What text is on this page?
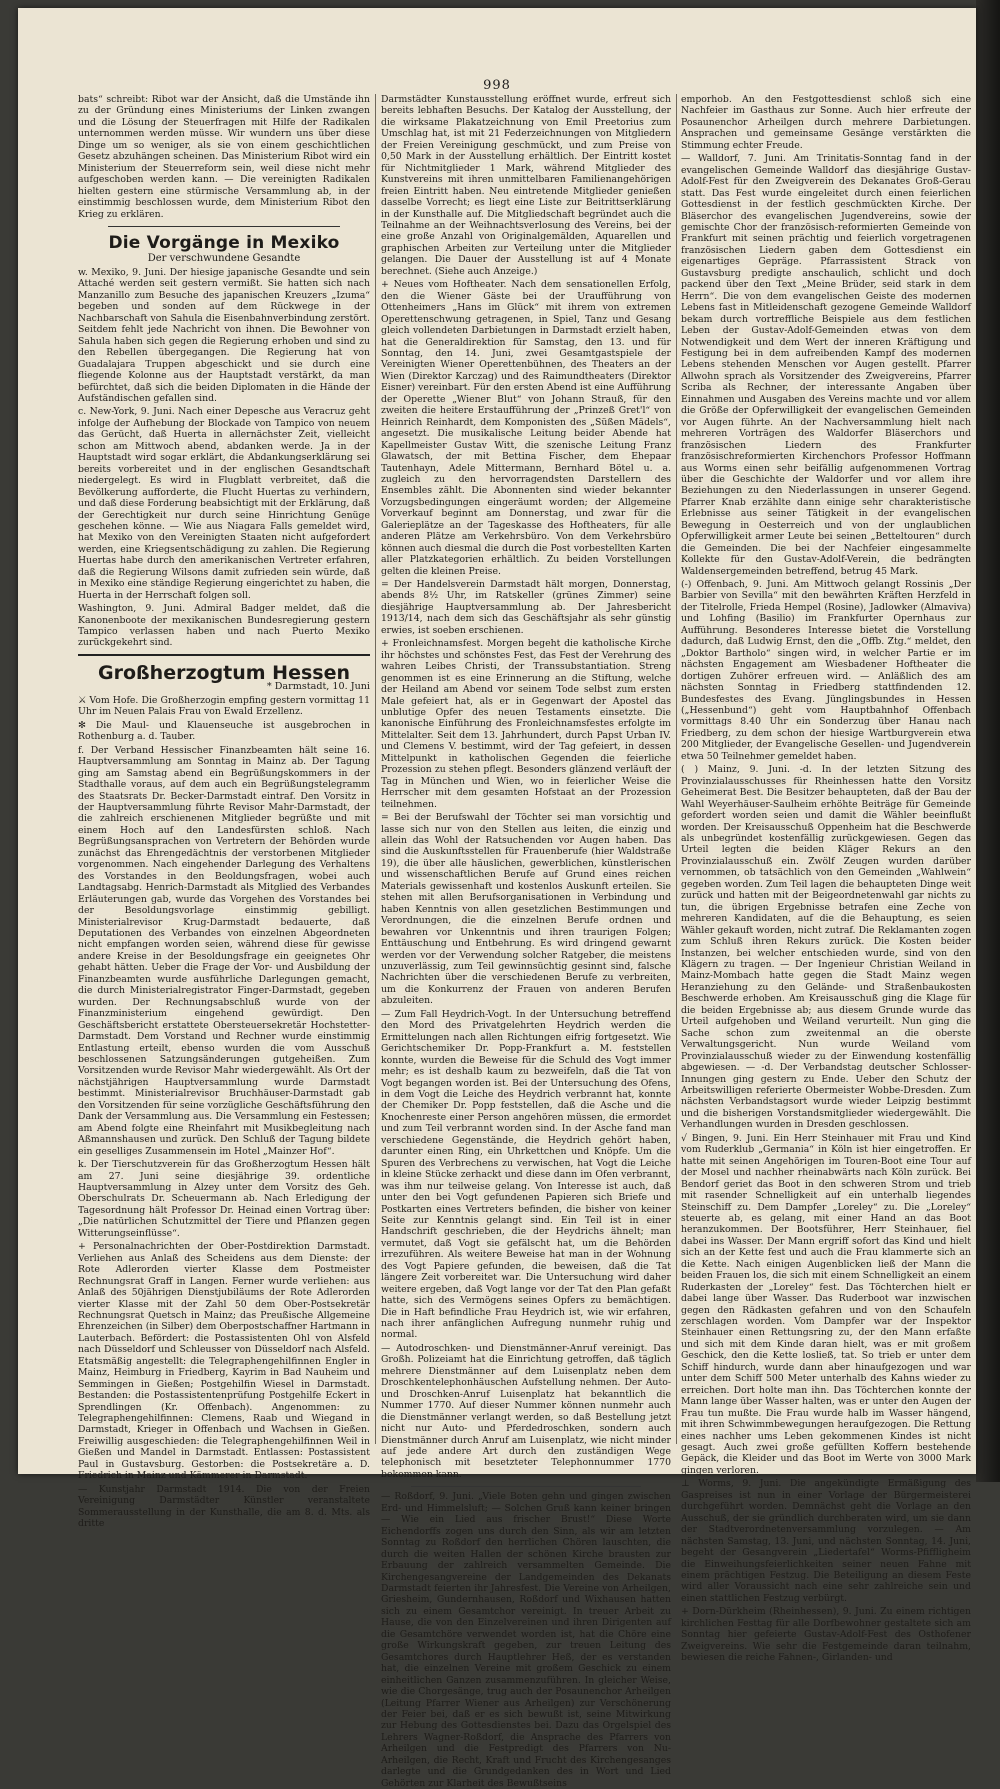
998

bats“ schreibt: Ribot war der Ansicht, daß die Umstände ihn zu der Gründung eines Ministeriums der Linken zwangen und die Lösung der Steuerfragen mit Hilfe der Radikalen unternommen werden müsse. Wir wundern uns über diese Dinge um so weniger, als sie von einem geschichtlichen Gesetz abzuhängen scheinen. Das Ministerium Ribot wird ein Ministerium der Steuerreform sein, weil diese nicht mehr aufgeschoben werden kann. — Die vereinigten Radikalen hielten gestern eine stürmische Versammlung ab, in der einstimmig beschlossen wurde, dem Ministerium Ribot den Krieg zu erklären.

Die Vorgänge in Mexiko
Der verschwundene Gesandte

w. Mexiko, 9. Juni. Der hiesige japanische Gesandte und sein Attaché werden seit gestern vermißt. Sie hatten sich nach Manzanillo zum Besuche des japanischen Kreuzers „Izuma“ begeben und sonden auf dem Rückwege in der Nachbarschaft von Sahula die Eisenbahnverbindung zerstört. Seitdem fehlt jede Nachricht von ihnen. Die Bewohner von Sahula haben sich gegen die Regierung erhoben und sind zu den Rebellen übergegangen. Die Regierung hat von Guadalajara Truppen abgeschickt und sie durch eine fliegende Kolonne aus der Hauptstadt verstärkt, da man befürchtet, daß sich die beiden Diplomaten in die Hände der Aufständischen gefallen sind.

c. New-York, 9. Juni. Nach einer Depesche aus Veracruz geht infolge der Aufhebung der Blockade von Tampico von neuem das Gerücht, daß Huerta in allernächster Zeit, vielleicht schon am Mittwoch abend, abdanken werde. Ja in der Hauptstadt wird sogar erklärt, die Abdankungserklärung sei bereits vorbereitet und in der englischen Gesandtschaft niedergelegt. Es wird in Flugblatt verbreitet, daß die Bevölkerung aufforderte, die Flucht Huertas zu verhindern, und daß diese Forderung beabsichtigt mit der Erklärung, daß der Gerechtigkeit nur durch seine Hinrichtung Genüge geschehen könne. — Wie aus Niagara Falls gemeldet wird, hat Mexiko von den Vereinigten Staaten nicht aufgefordert werden, eine Kriegsentschädigung zu zahlen. Die Regierung Huertas habe durch den amerikanischen Vertreter erfahren, daß die Regierung Wilsons damit zufrieden sein würde, daß in Mexiko eine ständige Regierung eingerichtet zu haben, die Huerta in der Herrschaft folgen soll.

Washington, 9. Juni. Admiral Badger meldet, daß die Kanonenboote der mexikanischen Bundesregierung gestern Tampico verlassen haben und nach Puerto Mexiko zurückgekehrt sind.

Großherzogtum Hessen
* Darmstadt, 10. Juni

⚔ Vom Hofe. Die Großherzogin empfing gestern vormittag 11 Uhr im Neuen Palais Frau von Ewald Erzellenz.

✻ Die Maul- und Klauenseuche ist ausgebrochen in Rothenburg a. d. Tauber.

f. Der Verband Hessischer Finanzbeamten hält seine 16. Hauptversammlung am Sonntag in Mainz ab. Der Tagung ging am Samstag abend ein Begrüßungskommers in der Stadthalle voraus, auf dem auch ein Begrüßungstelegramm des Staatsrats Dr. Becker-Darmstadt eintraf. Den Vorsitz in der Hauptversammlung führte Revisor Mahr-Darmstadt, der die zahlreich erschienenen Mitglieder begrüßte und mit einem Hoch auf den Landesfürsten schloß. Nach Begrüßungsansprachen von Vertretern der Behörden wurde zunächst das Ehrengedächtnis der verstorbenen Mitglieder vorgenommen. Nach eingehender Darlegung des Verhaltens des Vorstandes in den Beoldungsfragen, wobei auch Landtagsabg. Henrich-Darmstadt als Mitglied des Verbandes Erläuterungen gab, wurde das Vorgehen des Vorstandes bei der Besoldungsvorlage einstimmig gebilligt. Ministerialrevisor Krug-Darmstadt bedauerte, daß Deputationen des Verbandes von einzelnen Abgeordneten nicht empfangen worden seien, während diese für gewisse andere Kreise in der Besoldungsfrage ein geeignetes Ohr gehabt hätten. Ueber die Frage der Vor- und Ausbildung der Finanzbeamten wurde ausführliche Darlegungen gemacht, die durch Ministerialregistrator Finger-Darmstadt, gegeben wurden. Der Rechnungsabschluß wurde von der Finanzministerium eingehend gewürdigt. Den Geschäftsbericht erstattete Obersteuersekretär Hochstetter-Darmstadt. Dem Vorstand und Rechner wurde einstimmig Entlastung erteilt, ebenso wurden die vom Ausschuß beschlossenen Satzungsänderungen gutgeheißen. Zum Vorsitzenden wurde Revisor Mahr wiedergewählt. Als Ort der nächstjährigen Hauptversammlung wurde Darmstadt bestimmt. Ministerialrevisor Bruchhäuser-Darmstadt gab den Vorsitzenden für seine vorzügliche Geschäftsführung den Dank der Versammlung aus. Die Versammlung ein Festessen; am Abend folgte eine Rheinfahrt mit Musikbegleitung nach Aßmannshausen und zurück. Den Schluß der Tagung bildete ein geselliges Zusammensein im Hotel „Mainzer Hof“.

k. Der Tierschutzverein für das Großherzogtum Hessen hält am 27. Juni seine diesjährige 39. ordentliche Hauptversammlung in Alzey unter dem Vorsitz des Geh. Oberschulrats Dr. Scheuermann ab. Nach Erledigung der Tagesordnung hält Professor Dr. Heinad einen Vortrag über: „Die natürlichen Schutzmittel der Tiere und Pflanzen gegen Witterungseinflüsse“.

+ Personalnachrichten der Ober-Postdirektion Darmstadt. Verliehen aus Anlaß des Scheidens aus dem Dienste: der Rote Adlerorden vierter Klasse dem Postmeister Rechnungsrat Graff in Langen. Ferner wurde verliehen: aus Anlaß des 50jährigen Dienstjubiläums der Rote Adlerorden vierter Klasse mit der Zahl 50 dem Ober-Postsekretär Rechnungsrat Quetsch in Mainz; das Preußische Allgemeine Ehrenzeichen (in Silber) dem Oberpostschaffner Hartmann in Lauterbach. Befördert: die Postassistenten Ohl von Alsfeld nach Düsseldorf und Schleusser von Düsseldorf nach Alsfeld. Etatsmäßig angestellt: die Telegraphengehilfinnen Engler in Mainz, Heimburg in Friedberg, Kayrim in Bad Nauheim und Semmingen in Gießen; Postgehilfin Wiesel in Darmstadt. Bestanden: die Postassistentenprüfung Postgehilfe Eckert in Sprendlingen (Kr. Offenbach). Angenommen: zu Telegraphengehilfinnen: Clemens, Raab und Wiegand in Darmstadt, Krieger in Offenbach und Wachsen in Gießen. Freiwillig ausgeschieden: die Telegraphengehilfinnen Weil in Gießen und Mandel in Darmstadt. Entlassen: Postassistent Paul in Gustavsburg. Gestorben: die Postsekretäre a. D. Friedrich in Mainz und Kämmerer in Darmstadt.

— Kunstjahr Darmstadt 1914. Die von der Freien Vereinigung Darmstädter Künstler veranstaltete Sommerausstellung in der Kunsthalle, die am 8. d. Mts. als dritte

Darmstädter Kunstausstellung eröffnet wurde, erfreut sich bereits lebhaften Besuchs. Der Katalog der Ausstellung, der die wirksame Plakatzeichnung von Emil Preetorius zum Umschlag hat, ist mit 21 Federzeichnungen von Mitgliedern der Freien Vereinigung geschmückt, und zum Preise von 0,50 Mark in der Ausstellung erhältlich. Der Eintritt kostet für Nichtmitglieder 1 Mark, während Mitglieder des Kunstvereins mit ihren unmittelbaren Familienangehörigen freien Eintritt haben. Neu eintretende Mitglieder genießen dasselbe Vorrecht; es liegt eine Liste zur Beitrittserklärung in der Kunsthalle auf. Die Mitgliedschaft begründet auch die Teilnahme an der Weihnachtsverlosung des Vereins, bei der eine große Anzahl von Originalgemälden, Aquarellen und graphischen Arbeiten zur Verteilung unter die Mitglieder gelangen. Die Dauer der Ausstellung ist auf 4 Monate berechnet. (Siehe auch Anzeige.)

+ Neues vom Hoftheater. Nach dem sensationellen Erfolg, den die Wiener Gäste bei der Uraufführung von Ottenheimers „Hans im Glück“ mit ihrem von extremen Operettenschwung getragenen, in Spiel, Tanz und Gesang gleich vollendeten Darbietungen in Darmstadt erzielt haben, hat die Generaldirektion für Samstag, den 13. und für Sonntag, den 14. Juni, zwei Gesamtgastspiele der Vereinigten Wiener Operettenbühnen, des Theaters an der Wien (Direktor Karczag) und des Raimundtheaters (Direktor Eisner) vereinbart. Für den ersten Abend ist eine Aufführung der Operette „Wiener Blut“ von Johann Strauß, für den zweiten die heitere Erstaufführung der „Prinzeß Gret'l“ von Heinrich Reinhardt, dem Komponisten des „Süßen Mädels“, angesetzt. Die musikalische Leitung beider Abende hat Kapellmeister Gustav Witt, die szenische Leitung Franz Glawatsch, der mit Bettina Fischer, dem Ehepaar Tautenhayn, Adele Mittermann, Bernhard Bötel u. a. zugleich zu den hervorragendsten Darstellern des Ensembles zählt. Die Abonnenten sind wieder bekannter Vorzugsbedingungen eingeräumt worden; der Allgemeine Vorverkauf beginnt am Donnerstag, und zwar für die Galerieplätze an der Tageskasse des Hoftheaters, für alle anderen Plätze am Verkehrsbüro. Von dem Verkehrsbüro können auch diesmal die durch die Post vorbestellten Karten aller Platzkategorien erhältlich. Zu beiden Vorstellungen gelten die kleinen Preise.

= Der Handelsverein Darmstadt hält morgen, Donnerstag, abends 8½ Uhr, im Ratskeller (grünes Zimmer) seine diesjährige Hauptversammlung ab. Der Jahresbericht 1913/14, nach dem sich das Geschäftsjahr als sehr günstig erwies, ist soeben erschienen.

+ Fronleichnamsfest. Morgen begeht die katholische Kirche ihr höchstes und schönstes Fest, das Fest der Verehrung des wahren Leibes Christi, der Transsubstantiation. Streng genommen ist es eine Erinnerung an die Stiftung, welche der Heiland am Abend vor seinem Tode selbst zum ersten Male gefeiert hat, als er in Gegenwart der Apostel das unblutige Opfer des neuen Testaments einsetzte. Die kanonische Einführung des Fronleichnamsfestes erfolgte im Mittelalter. Seit dem 13. Jahrhundert, durch Papst Urban IV. und Clemens V. bestimmt, wird der Tag gefeiert, in dessen Mittelpunkt in katholischen Gegenden die feierliche Prozession zu stehen pflegt. Besonders glänzend verläuft der Tag in München und Wien, wo in feierlicher Weise die Herrscher mit dem gesamten Hofstaat an der Prozession teilnehmen.

= Bei der Berufswahl der Töchter sei man vorsichtig und lasse sich nur von den Stellen aus leiten, die einzig und allein das Wohl der Ratsuchenden vor Augen haben. Das sind die Auskunftsstellen für Frauenberufe (hier Waldstraße 19), die über alle häuslichen, gewerblichen, künstlerischen und wissenschaftlichen Berufe auf Grund eines reichen Materials gewissenhaft und kostenlos Auskunft erteilen. Sie stehen mit allen Berufsorganisationen in Verbindung und haben Kenntnis von allen gesetzlichen Bestimmungen und Verordnungen, die die einzelnen Berufe ordnen und bewahren vor Unkenntnis und ihren traurigen Folgen; Enttäuschung und Entbehrung. Es wird dringend gewarnt werden vor der Verwendung solcher Ratgeber, die meistens unzuverlässig, zum Teil gewinnsüchtig gesinnt sind, falsche Nachrichten über die verschiedenen Berufe zu verbreiten, um die Konkurrenz der Frauen von anderen Berufen abzuleiten.

— Zum Fall Heydrich-Vogt. In der Untersuchung betreffend den Mord des Privatgelehrten Heydrich werden die Ermittelungen nach allen Richtungen eifrig fortgesetzt. Wie Gerichtschemiker Dr. Popp-Frankfurt a. M. feststellen konnte, wurden die Beweise für die Schuld des Vogt immer mehr; es ist deshalb kaum zu bezweifeln, daß die Tat von Vogt begangen worden ist. Bei der Untersuchung des Ofens, in dem Vogt die Leiche des Heydrich verbrannt hat, konnte der Chemiker Dr. Popp feststellen, daß die Asche und die Knochenreste einer Person angehören müssen, die ermordet und zum Teil verbrannt worden sind. In der Asche fand man verschiedene Gegenstände, die Heydrich gehört haben, darunter einen Ring, ein Uhrkettchen und Knöpfe. Um die Spuren des Verbrechens zu verwischen, hat Vogt die Leiche in kleine Stücke zerhackt und diese dann im Ofen verbrannt, was ihm nur teilweise gelang. Von Interesse ist auch, daß unter den bei Vogt gefundenen Papieren sich Briefe und Postkarten eines Vertreters befinden, die bisher von keiner Seite zur Kenntnis gelangt sind. Ein Teil ist in einer Handschrift geschrieben, die der Heydrichs ähnelt; man vermutet, daß Vogt sie gefälscht hat, um die Behörden irrezuführen. Als weitere Beweise hat man in der Wohnung des Vogt Papiere gefunden, die beweisen, daß die Tat längere Zeit vorbereitet war. Die Untersuchung wird daher weitere ergeben, daß Vogt lange vor der Tat den Plan gefaßt hatte, sich des Vermögens seines Opfers zu bemächtigen. Die in Haft befindliche Frau Heydrich ist, wie wir erfahren, nach ihrer anfänglichen Aufregung nunmehr ruhig und normal.

— Autodroschken- und Dienstmänner-Anruf vereinigt. Das Großh. Polizeiamt hat die Einrichtung getroffen, daß täglich mehrere Dienstmänner auf dem Luisenplatz neben dem Droschkentelephonhäuschen Aufstellung nehmen. Der Auto- und Droschken-Anruf Luisenplatz hat bekanntlich die Nummer 1770. Auf dieser Nummer können nunmehr auch die Dienstmänner verlangt werden, so daß Bestellung jetzt nicht nur Auto- und Pferdedroschken, sondern auch Dienstmänner durch Anruf am Luisenplatz, wie nicht minder auf jede andere Art durch den zuständigen Wege telephonisch mit besetzteter Telephonnummer 1770 bekommen kann.

— Roßdorf, 9. Juni. „Viele Boten gehn und gingen zwischen Erd- und Himmelsluft; — Solchen Gruß kann keiner bringen — Wie ein Lied aus frischer Brust!“ Diese Worte Eichendorffs zogen uns durch den Sinn, als wir am letzten Sonntag zu Roßdorf den herrlichen Chören lauschten, die durch die weiten Hallen der schönen Kirche brausten zur Erbauung der zahlreich versammelten Gemeinde. Die Kirchengesangvereine der Landgemeinden des Dekanats Darmstadt feierten ihr Jahresfest. Die Vereine von Arheilgen, Griesheim, Gundernhausen, Roßdorf und Wixhausen hatten sich zu einem Gesamtchor vereinigt. In treuer Arbeit zu Hause, die von den Einzelvereinen und ihren Dirigenten auf die Gesamtchöre verwendet worden ist, hat die Chöre eine große Wirkungskraft gegeben, zur treuen Leitung des Gesamtchores durch Hauptlehrer Heß, der es verstanden hat, die einzelnen Vereine mit großem Geschick zu einem einheitlichen Ganzen zusammenzuführen. In gleicher Weise, wie die Chorgesänge, trug auch der Posaunenchor Arheilgen (Leitung Pfarrer Wiener aus Arheilgen) zur Verschönerung der Feier bei, daß er es sich bewußt ist, seine Mitwirkung zur Hebung des Gottesdienstes bei. Dazu das Orgelspiel des Lehrers Wagner-Roßdorf, die Ansprache des Pfarrers von Arheilgen und die Festpredigt des Pfarrers von Nu-Arheilgen, die Recht, Kraft und Frucht des Kirchengesanges darlegte und die Grundgedanken des in Wort und Lied Gehörten zur Klarheit des Bewußtseins

emporhob. An den Festgottesdienst schloß sich eine Nachfeier im Gasthaus zur Sonne. Auch hier erfreute der Posaunenchor Arheilgen durch mehrere Darbietungen. Ansprachen und gemeinsame Gesänge verstärkten die Stimmung echter Freude.

— Walldorf, 7. Juni. Am Trinitatis-Sonntag fand in der evangelischen Gemeinde Walldorf das diesjährige Gustav-Adolf-Fest für den Zweigverein des Dekanates Groß-Gerau statt. Das Fest wurde eingeleitet durch einen feierlichen Gottesdienst in der festlich geschmückten Kirche. Der Bläserchor des evangelischen Jugendvereins, sowie der gemischte Chor der französisch-reformierten Gemeinde von Frankfurt mit seinen prächtig und feierlich vorgetragenen französischen Liedern gaben dem Gottesdienst ein eigenartiges Gepräge. Pfarrassistent Strack von Gustavsburg predigte anschaulich, schlicht und doch packend über den Text „Meine Brüder, seid stark in dem Herrn“. Die von dem evangelischen Geiste des modernen Lebens fast in Mitleidenschaft gezogene Gemeinde Walldorf bekam durch vortreffliche Beispiele aus dem festlichen Leben der Gustav-Adolf-Gemeinden etwas von dem Notwendigkeit und dem Wert der inneren Kräftigung und Festigung bei in dem aufreibenden Kampf des modernen Lebens stehenden Menschen vor Augen gestellt. Pfarrer Allwohn sprach als Vorsitzender des Zweigvereins, Pfarrer Scriba als Rechner, der interessante Angaben über Einnahmen und Ausgaben des Vereins machte und vor allem die Größe der Opferwilligkeit der evangelischen Gemeinden vor Augen führte. An der Nachversammlung hielt nach mehreren Vorträgen des Waldorfer Bläserchors und französischen Liedern des Frankfurter französischreformierten Kirchenchors Professor Hoffmann aus Worms einen sehr beifällig aufgenommenen Vortrag über die Geschichte der Waldorfer und vor allem ihre Beziehungen zu den Niederlassungen in unserer Gegend. Pfarrer Knab erzählte dann einige sehr charakteristische Erlebnisse aus seiner Tätigkeit in der evangelischen Bewegung in Oesterreich und von der unglaublichen Opferwilligkeit armer Leute bei seinen „Betteltouren“ durch die Gemeinden. Die bei der Nachfeier eingesammelte Kollekte für den Gustav-Adolf-Verein, die bedrängten Waldensergemeinden betreffend, betrug 45 Mark.

(-) Offenbach, 9. Juni. Am Mittwoch gelangt Rossinis „Der Barbier von Sevilla“ mit den bewährten Kräften Herzfeld in der Titelrolle, Frieda Hempel (Rosine), Jadlowker (Almaviva) und Lohfing (Basilio) im Frankfurter Opernhaus zur Aufführung. Besonderes Interesse bietet die Vorstellung dadurch, daß Ludwig Ernst, den die „Offb. Ztg.“ meldet, den „Doktor Bartholo“ singen wird, in welcher Partie er im nächsten Engagement am Wiesbadener Hoftheater die dortigen Zuhörer erfreuen wird. — Anläßlich des am nächsten Sonntag in Friedberg stattfindenden 12. Bundesfestes des Evang. Jünglingsbundes in Hessen („Hessenbund“) geht vom Hauptbahnhof Offenbach vormittags 8.40 Uhr ein Sonderzug über Hanau nach Friedberg, zu dem schon der hiesige Wartburgverein etwa 200 Mitglieder, der Evangelische Gesellen- und Jugendverein etwa 50 Teilnehmer gemeldet haben.

( ) Mainz, 9. Juni. -d. In der letzten Sitzung des Provinzialausschusses für Rheinhessen hatte den Vorsitz Geheimerat Best. Die Besitzer behaupteten, daß der Bau der Wahl Weyerhäuser-Saulheim erhöhte Beiträge für Gemeinde gefordert worden seien und damit die Wähler beeinflußt worden. Der Kreisausschuß Oppenheim hat die Beschwerde als unbegründet kostenfällig zurückgewiesen. Gegen das Urteil legten die beiden Kläger Rekurs an den Provinzialausschuß ein. Zwölf Zeugen wurden darüber vernommen, ob tatsächlich von den Gemeinden „Wahlwein“ gegeben worden. Zum Teil lagen die behaupteten Dinge weit zurück und hatten mit der Beigeordnetenwahl gar nichts zu tun, die übrigen Ergebnisse betrafen eine Zeche von mehreren Kandidaten, auf die die Behauptung, es seien Wähler gekauft worden, nicht zutraf. Die Reklamanten zogen zum Schluß ihren Rekurs zurück. Die Kosten beider Instanzen, bei welcher entschieden wurde, sind von den Klägern zu tragen. — Der Ingenieur Christian Weiland in Mainz-Mombach hatte gegen die Stadt Mainz wegen Heranziehung zu den Gelände- und Straßenbaukosten Beschwerde erhoben. Am Kreisausschuß ging die Klage für die beiden Ergebnisse ab; aus diesem Grunde wurde das Urteil aufgehoben und Weiland verurteilt. Nun ging die Sache schon zum zweitenmal an die oberste Verwaltungsgericht. Nun wurde Weiland vom Provinzialausschuß wieder zu der Einwendung kostenfällig abgewiesen. — -d. Der Verbandstag deutscher Schlosser-Innungen ging gestern zu Ende. Ueber den Schutz der Arbeitswilligen referierte Obermeister Wobbe-Dresden. Zum nächsten Verbandstagsort wurde wieder Leipzig bestimmt und die bisherigen Vorstandsmitglieder wiedergewählt. Die Verhandlungen wurden in Dresden geschlossen.

√ Bingen, 9. Juni. Ein Herr Steinhauer mit Frau und Kind vom Ruderklub „Germania“ in Köln ist hier eingetroffen. Er hatte mit seinen Angehörigen im Touren-Boot eine Tour auf der Mosel und nachher rheinabwärts nach Köln zurück. Bei Bendorf geriet das Boot in den schweren Strom und trieb mit rasender Schnelligkeit auf ein unterhalb liegendes Steinschiff zu. Dem Dampfer „Loreley“ zu. Die „Loreley“ steuerte ab, es gelang, mit einer Hand an das Boot heranzukommen. Der Bootsführer, Herr Steinhauer, fiel dabei ins Wasser. Der Mann ergriff sofort das Kind und hielt sich an der Kette fest und auch die Frau klammerte sich an die Kette. Nach einigen Augenblicken ließ der Mann die beiden Frauen los, die sich mit einem Schnelligkeit an einem Ruderkasten der „Loreley“ fest. Das Töchterchen hielt er dabei lange über Wasser. Das Ruderboot war inzwischen gegen den Rädkasten gefahren und von den Schaufeln zerschlagen worden. Vom Dampfer war der Inspektor Steinhauer einen Rettungsring zu, der den Mann erfaßte und sich mit dem Kinde daran hielt, was er mit großem Geschick, den die Kette losließ, tat. So trieb er unter dem Schiff hindurch, wurde dann aber hinaufgezogen und war unter dem Schiff 500 Meter unterhalb des Kahns wieder zu erreichen. Dort holte man ihn. Das Töchterchen konnte der Mann lange über Wasser halten, was er unter den Augen der Frau tun mußte. Die Frau wurde halb im Wasser hängend, mit ihren Schwimmbewegungen heraufgezogen. Die Rettung eines nachher ums Leben gekommenen Kindes ist nicht gesagt. Auch zwei große gefüllten Koffern bestehende Gepäck, die Kleider und das Boot im Werte von 3000 Mark gingen verloren.

⊥ Worms, 9. Juni. Die angekündigte Ermäßigung des Gaspreises ist nun in einer Vorlage der Bürgermeisterei durchgeführt worden. Demnächst geht die Vorlage an den Ausschuß, der sie gründlich durchberaten wird, um sie dann der Stadtverordnetenversammlung vorzulegen. — Am nächsten Samstag, 13. Juni, und nächsten Sonntag, 14. Juni, begeht der Gesangverein „Liedertafel“ Worms-Pfiffligheim die Einweihungsfeierlichkeiten seiner neuen Fahne mit einem prächtigen Festzug. Die Beteiligung an diesem Feste wird aller Voraussicht nach eine sehr zahlreiche sein und einen stattlichen Festzug verbürgt.

+ Dorn-Dürkheim (Rheinhessen), 9. Juni. Zu einem richtigen kirchlichen Festtag für alle Dorfbewohner gestaltete sich am Sonntag hier gefeierte Gustav-Adolf-Fest des Osthofener Zweigvereins. Wie sehr die Festgemeinde daran teilnahm, bewiesen die reiche Fahnen-, Girlanden- und
